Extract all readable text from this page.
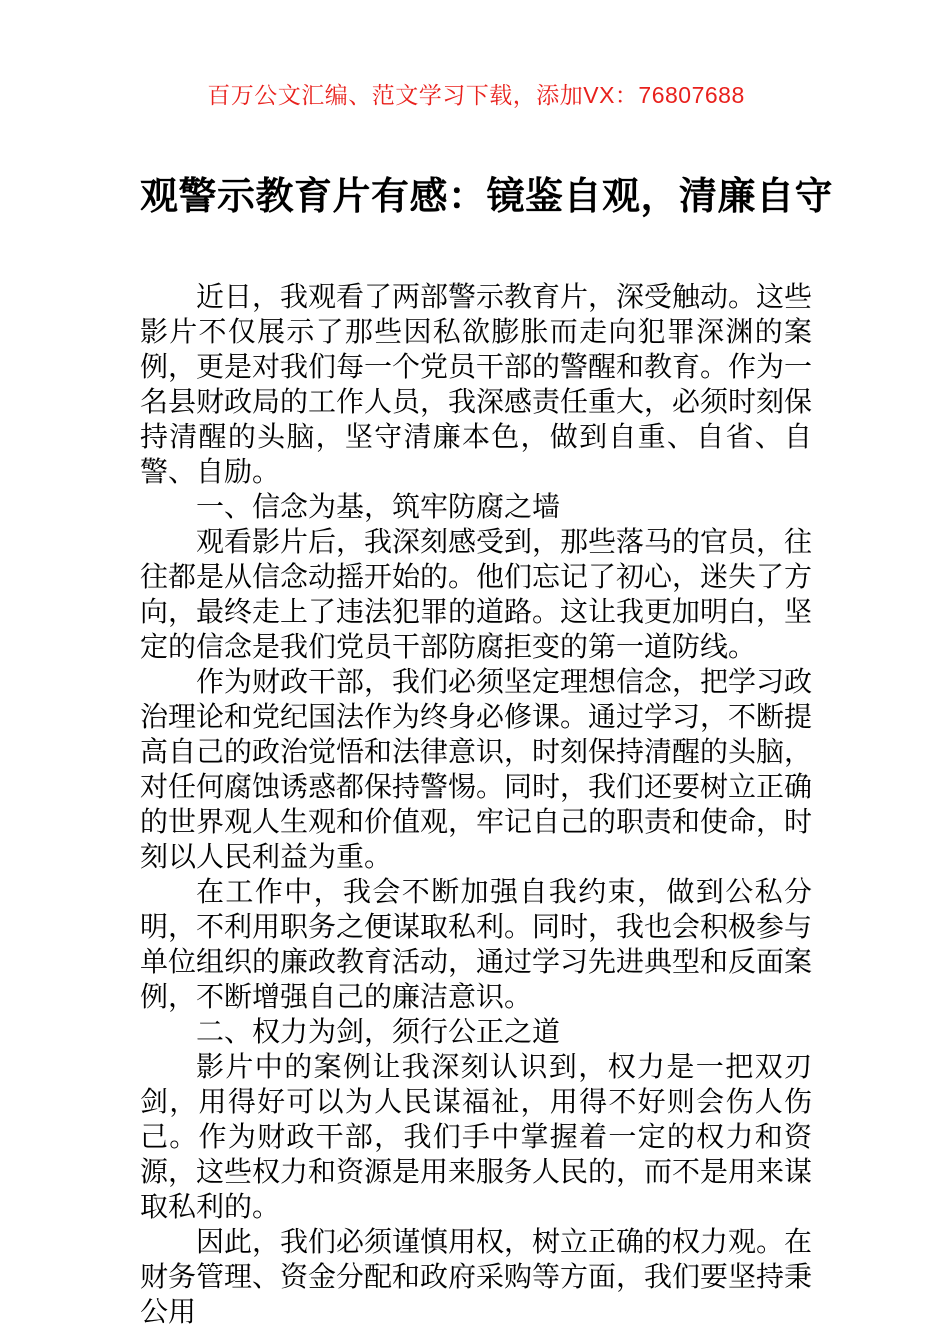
百万公文汇编、范文学习下载，添加VX：76807688
观警示教育片有感：镜鉴自观，清廉自守

近日，我观看了两部警示教育片，深受触动。这些影片不仅展示了那些因私欲膨胀而走向犯罪深渊的案例，更是对我们每一个党员干部的警醒和教育。作为一名县财政局的工作人员，我深感责任重大，必须时刻保持清醒的头脑，坚守清廉本色，做到自重、自省、自警、自励。

一、信念为基，筑牢防腐之墙

观看影片后，我深刻感受到，那些落马的官员，往往都是从信念动摇开始的。他们忘记了初心，迷失了方向，最终走上了违法犯罪的道路。这让我更加明白，坚定的信念是我们党员干部防腐拒变的第一道防线。

作为财政干部，我们必须坚定理想信念，把学习政治理论和党纪国法作为终身必修课。通过学习，不断提高自己的政治觉悟和法律意识，时刻保持清醒的头脑，对任何腐蚀诱惑都保持警惕。同时，我们还要树立正确的世界观人生观和价值观，牢记自己的职责和使命，时刻以人民利益为重。

在工作中，我会不断加强自我约束，做到公私分明，不利用职务之便谋取私利。同时，我也会积极参与单位组织的廉政教育活动，通过学习先进典型和反面案例，不断增强自己的廉洁意识。

二、权力为剑，须行公正之道

影片中的案例让我深刻认识到，权力是一把双刃剑，用得好可以为人民谋福祉，用得不好则会伤人伤己。作为财政干部，我们手中掌握着一定的权力和资源，这些权力和资源是用来服务人民的，而不是用来谋取私利的。

因此，我们必须谨慎用权，树立正确的权力观。在财务管理、资金分配和政府采购等方面，我们要坚持秉公用
